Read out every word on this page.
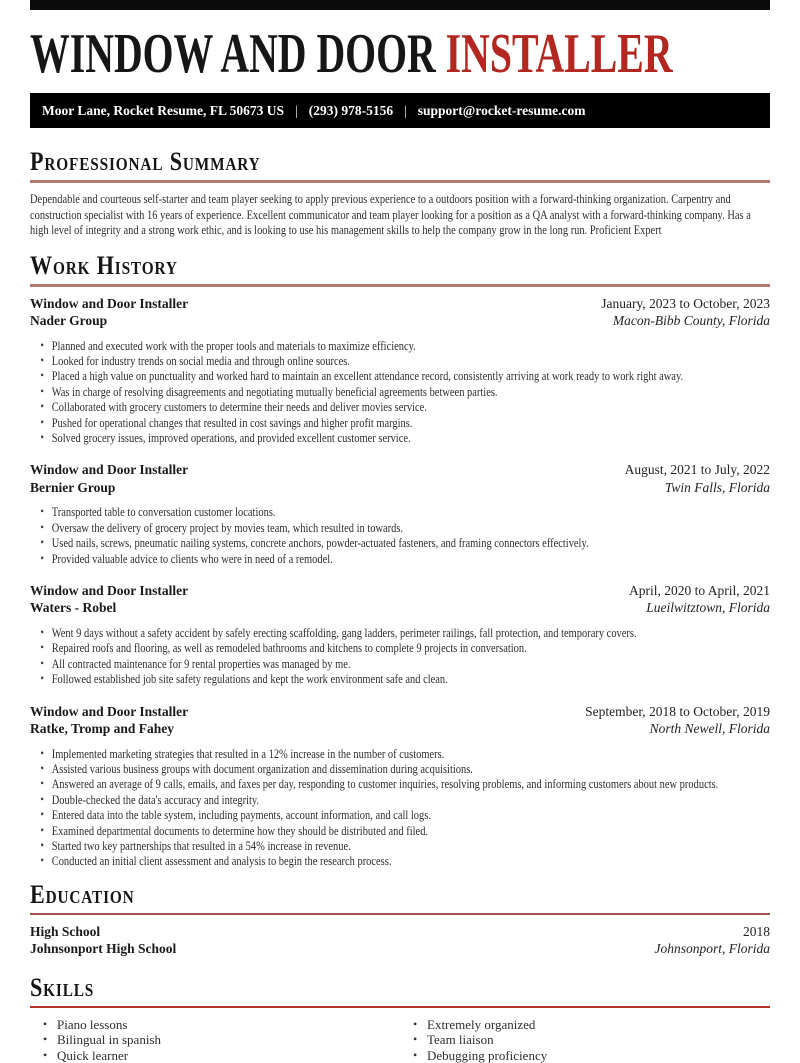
WINDOW AND DOOR INSTALLER
Moor Lane, Rocket Resume, FL 50673 US | (293) 978-5156 | support@rocket-resume.com
Professional Summary

Dependable and courteous self-starter and team player seeking to apply previous experience to a outdoors position with a forward-thinking organization. Carpentry and construction specialist with 16 years of experience. Excellent communicator and team player looking for a position as a QA analyst with a forward-thinking company. Has a high level of integrity and a strong work ethic, and is looking to use his management skills to help the company grow in the long run. Proficient Expert

Work History
Window and Door Installer	January, 2023 to October, 2023
Nader Group	Macon-Bibb County, Florida
• Planned and executed work with the proper tools and materials to maximize efficiency.
• Looked for industry trends on social media and through online sources.
• Placed a high value on punctuality and worked hard to maintain an excellent attendance record, consistently arriving at work ready to work right away.
• Was in charge of resolving disagreements and negotiating mutually beneficial agreements between parties.
• Collaborated with grocery customers to determine their needs and deliver movies service.
• Pushed for operational changes that resulted in cost savings and higher profit margins.
• Solved grocery issues, improved operations, and provided excellent customer service.
Window and Door Installer	August, 2021 to July, 2022
Bernier Group	Twin Falls, Florida
• Transported table to conversation customer locations.
• Oversaw the delivery of grocery project by movies team, which resulted in towards.
• Used nails, screws, pneumatic nailing systems, concrete anchors, powder-actuated fasteners, and framing connectors effectively.
• Provided valuable advice to clients who were in need of a remodel.
Window and Door Installer	April, 2020 to April, 2021
Waters - Robel	Lueilwitztown, Florida
• Went 9 days without a safety accident by safely erecting scaffolding, gang ladders, perimeter railings, fall protection, and temporary covers.
• Repaired roofs and flooring, as well as remodeled bathrooms and kitchens to complete 9 projects in conversation.
• All contracted maintenance for 9 rental properties was managed by me.
• Followed established job site safety regulations and kept the work environment safe and clean.
Window and Door Installer	September, 2018 to October, 2019
Ratke, Tromp and Fahey	North Newell, Florida
• Implemented marketing strategies that resulted in a 12% increase in the number of customers.
• Assisted various business groups with document organization and dissemination during acquisitions.
• Answered an average of 9 calls, emails, and faxes per day, responding to customer inquiries, resolving problems, and informing customers about new products.
• Double-checked the data's accuracy and integrity.
• Entered data into the table system, including payments, account information, and call logs.
• Examined departmental documents to determine how they should be distributed and filed.
• Started two key partnerships that resulted in a 54% increase in revenue.
• Conducted an initial client assessment and analysis to begin the research process.
Education
High School	2018
Johnsonport High School	Johnsonport, Florida
Skills
• Piano lessons
• Bilingual in spanish
• Quick learner
• Extremely organized
• Team liaison
• Debugging proficiency
